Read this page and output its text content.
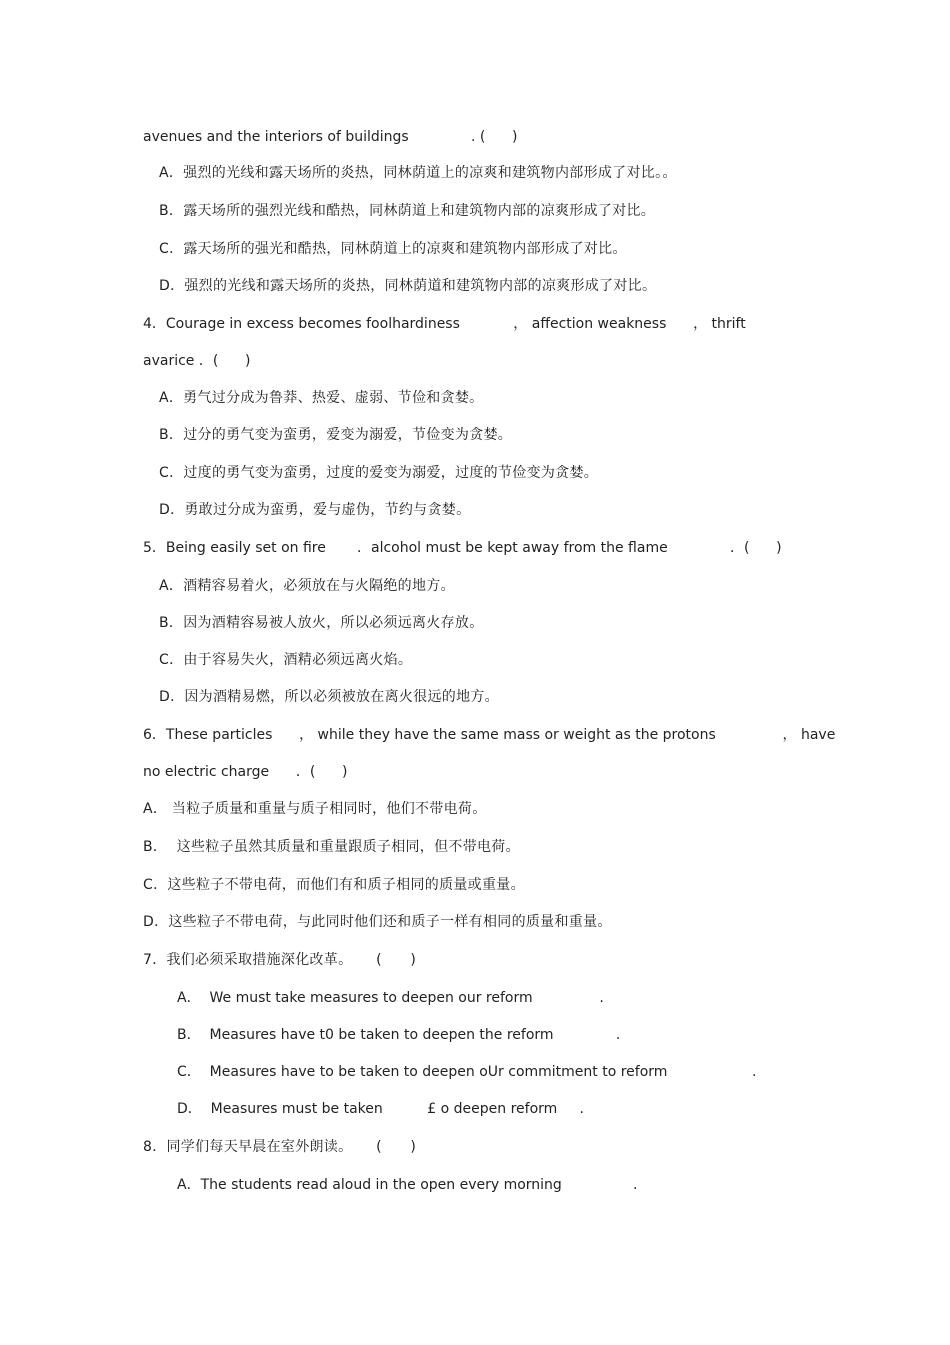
avenues and the interiors of buildings              . (      )
A．强烈的光线和露天场所的炎热，同林荫道上的凉爽和建筑物内部形成了对比。。
B．露天场所的强烈光线和酷热，同林荫道上和建筑物内部的凉爽形成了对比。
C．露天场所的强光和酷热，同林荫道上的凉爽和建筑物内部形成了对比。
D．强烈的光线和露天场所的炎热，同林荫道和建筑物内部的凉爽形成了对比。
4．Courage in excess becomes foolhardiness            ， affection weakness      ， thrift
avarice ．(      )
A．勇气过分成为鲁莽、热爱、虚弱、节俭和贪婪。
B．过分的勇气变为蛮勇，爱变为溺爱，节俭变为贪婪。
C．过度的勇气变为蛮勇，过度的爱变为溺爱，过度的节俭变为贪婪。
D．勇敢过分成为蛮勇，爱与虚伪，节约与贪婪。
5．Being easily set on fire       ．alcohol must be kept away from the flame              ．(      )
A．酒精容易着火，必须放在与火隔绝的地方。
B．因为酒精容易被人放火，所以必须远离火存放。
C．由于容易失火，酒精必须远离火焰。
D．因为酒精易燃，所以必须被放在离火很远的地方。
6．These particles      ， while they have the same mass or weight as the protons               ， have
no electric charge      ．(      )
A． 当粒子质量和重量与质子相同时，他们不带电荷。
B．  这些粒子虽然其质量和重量跟质子相同，但不带电荷。
C．这些粒子不带电荷，而他们有和质子相同的质量或重量。
D．这些粒子不带电荷，与此同时他们还和质子一样有相同的质量和重量。
7．我们必须采取措施深化改革。     (      )
A．  We must take measures to deepen our reform               .
B．  Measures have t0 be taken to deepen the reform              .
C．  Measures have to be taken to deepen oUr commitment to reform                   .
D．  Measures must be taken          £ o deepen reform     .
8．同学们每天早晨在室外朗读。     (      )
A．The students read aloud in the open every morning                .
